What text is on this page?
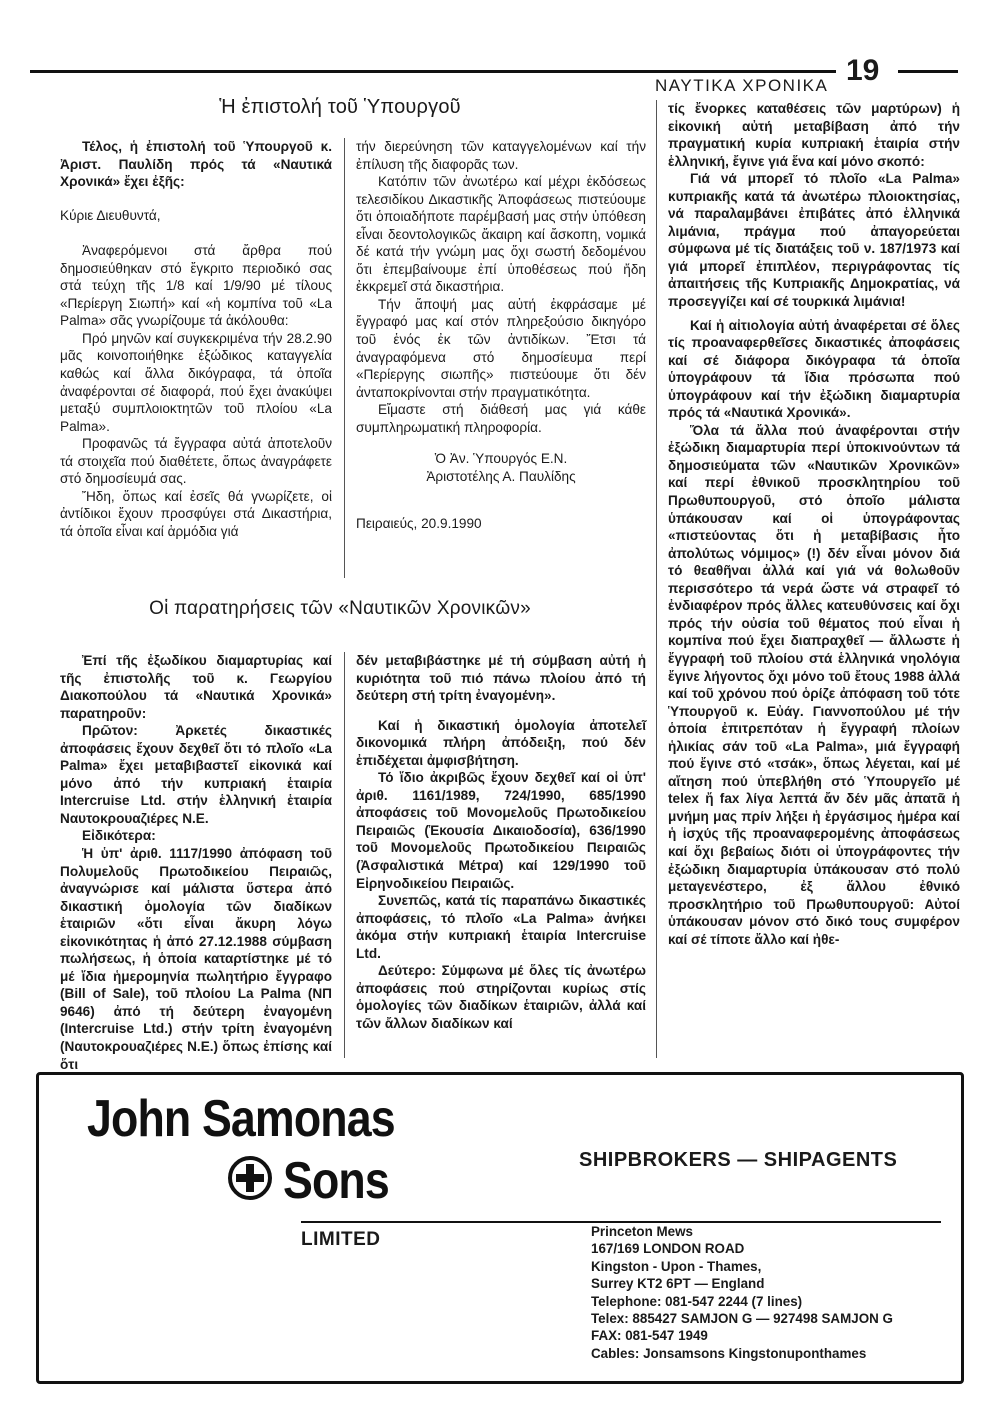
ΝΑΥΤΙΚΑ ΧΡΟΝΙΚΑ 19
Ἡ ἐπιστολή τοῦ Ὑπουργοῦ

Τέλος, ἡ ἐπιστολή τοῦ Ὑπουργοῦ κ. Ἀριστ. Παυλίδη πρός τά «Ναυτικά Χρονικά» ἔχει ἐξῆς:

Κύριε Διευθυντά,

Ἀναφερόμενοι στά ἄρθρα πού δημοσιεύθηκαν στό ἔγκριτο περιοδικό σας στά τεύχη τῆς 1/8 καί 1/9/90 μέ τίλους «Περίεργη Σιωπή» καί «ἡ κομπίνα τοῦ «La Palma» σᾶς γνωρίζουμε τά ἀκόλουθα:

Πρό μηνῶν καί συγκεκριμένα τήν 28.2.90 μᾶς κοινοποιήθηκε ἐξώδικος καταγγελία καθώς καί ἄλλα δικόγραφα, τά ὁποῖα ἀναφέρονται σέ διαφορά, πού ἔχει ἀνακύψει μεταξύ συμπλοιοκτητῶν τοῦ πλοίου «La Palma».

Προφανῶς τά ἔγγραφα αὐτά ἀποτελοῦν τά στοιχεῖα πού διαθέτετε, ὅπως ἀναγράφετε στό δημοσίευμά σας.

Ἤδη, ὅπως καί ἐσεῖς θά γνωρίζετε, οἱ ἀντίδικοι ἔχουν προσφύγει στά Δικαστήρια, τά ὁποῖα εἶναι καί ἁρμόδια γιά

τήν διερεύνηση τῶν καταγγελομένων καί τήν ἐπίλυση τῆς διαφορᾶς των.

Κατόπιν τῶν ἀνωτέρω καί μέχρι ἐκδόσεως τελεσιδίκου Δικαστικῆς Ἀποφάσεως πιστεύουμε ὅτι ὁποιαδήποτε παρέμβασή μας στήν ὑπόθεση εἶναι δεοντολογικῶς ἄκαιρη καί ἄσκοπη, νομικά δέ κατά τήν γνώμη μας ὄχι σωστή δεδομένου ὅτι ἐπεμβαίνουμε ἐπί ὑποθέσεως πού ἤδη ἐκκρεμεῖ στά δικαστήρια.

Τήν ἄποψή μας αὐτή ἐκφράσαμε μέ ἔγγραφό μας καί στόν πληρεξούσιο δικηγόρο τοῦ ἑνός ἐκ τῶν ἀντιδίκων. Ἔτσι τά ἀναγραφόμενα στό δημοσίευμα περί «Περίεργης σιωπῆς» πιστεύουμε ὅτι δέν ἀνταποκρίνονται στήν πραγματικότητα.

Εἴμαστε στή διάθεσή μας γιά κάθε συμπληρωματική πληροφορία.

Ὁ Ἀν. Ὑπουργός Ε.Ν.

Ἀριστοτέλης Α. Παυλίδης

Πειραιεύς, 20.9.1990

Οἱ παρατηρήσεις τῶν «Ναυτικῶν Χρονικῶν»

Ἐπί τῆς ἐξωδίκου διαμαρτυρίας καί τῆς ἐπιστολῆς τοῦ κ. Γεωργίου Διακοπούλου τά «Ναυτικά Χρονικά» παρατηροῦν:

Πρῶτον: Ἀρκετές δικαστικές ἀποφάσεις ἔχουν δεχθεῖ ὅτι τό πλοῖο «La Palma» ἔχει μεταβιβαστεῖ εἰκονικά καί μόνο ἀπό τήν κυπριακή ἑταιρία Intercruise Ltd. στήν ἑλληνική ἑταιρία Ναυτοκρουαζιέρες Ν.Ε.

Εἰδικότερα:

Ἡ ὑπ' ἀριθ. 1117/1990 ἀπόφαση τοῦ Πολυμελοῦς Πρωτοδικείου Πειραιῶς, ἀναγνώρισε καί μάλιστα ὕστερα ἀπό δικαστική ὁμολογία τῶν διαδίκων ἑταιριῶν «ὅτι εἶναι ἄκυρη λόγω εἰκονικότητας ἡ ἀπό 27.12.1988 σύμβαση πωλήσεως, ἡ ὁποία καταρτίστηκε μέ τό μέ ἴδια ἡμερομηνία πωλητήριο ἔγγραφο (Bill of Sale), τοῦ πλοίου La Palma (ΝΠ 9646) ἀπό τή δεύτερη ἐναγομένη (Intercruise Ltd.) στήν τρίτη ἐναγομένη (Ναυτοκρουαζιέρες Ν.Ε.) ὅπως ἐπίσης καί ὅτι

δέν μεταβιβάστηκε μέ τή σύμβαση αὐτή ἡ κυριότητα τοῦ πιό πάνω πλοίου ἀπό τή δεύτερη στή τρίτη ἐναγομένη».

Καί ἡ δικαστική ὁμολογία ἀποτελεῖ δικονομικά πλήρη ἀπόδειξη, πού δέν ἐπιδέχεται ἀμφισβήτηση.

Τό ἴδιο ἀκριβῶς ἔχουν δεχθεῖ καί οἱ ὑπ' ἀριθ. 1161/1989, 724/1990, 685/1990 ἀποφάσεις τοῦ Μονομελοῦς Πρωτοδικείου Πειραιῶς (Ἑκουσία Δικαιοδοσία), 636/1990 τοῦ Μονομελοῦς Πρωτοδικείου Πειραιῶς (Ἀσφαλιστικά Μέτρα) καί 129/1990 τοῦ Εἰρηνοδικείου Πειραιῶς.

Συνεπῶς, κατά τίς παραπάνω δικαστικές ἀποφάσεις, τό πλοῖο «La Palma» ἀνήκει ἀκόμα στήν κυπριακή ἑταιρία Intercruise Ltd.

Δεύτερο: Σύμφωνα μέ ὅλες τίς ἀνωτέρω ἀποφάσεις πού στηρίζονται κυρίως στίς ὁμολογίες τῶν διαδίκων ἑταιριῶν, ἀλλά καί τῶν ἄλλων διαδίκων καί

τίς ἔνορκες καταθέσεις τῶν μαρτύρων) ἡ εἰκονική αὐτή μεταβίβαση ἀπό τήν πραγματική κυρία κυπριακή ἑταιρία στήν ἑλληνική, ἔγινε γιά ἕνα καί μόνο σκοπό:

Γιά νά μπορεῖ τό πλοῖο «La Palma» κυπριακῆς κατά τά ἀνωτέρω πλοιοκτησίας, νά παραλαμβάνει ἐπιβάτες ἀπό ἑλληνικά λιμάνια, πράγμα πού ἀπαγορεύεται σύμφωνα μέ τίς διατάξεις τοῦ ν. 187/1973 καί γιά μπορεῖ ἐπιπλέον, περιγράφοντας τίς ἀπαιτήσεις τῆς Κυπριακῆς Δημοκρατίας, νά προσεγγίζει καί σέ τουρκικά λιμάνια!

Καί ἡ αἰτιολογία αὐτή ἀναφέρεται σέ ὅλες τίς προαναφερθεῖσες δικαστικές ἀποφάσεις καί σέ διάφορα δικόγραφα τά ὁποῖα ὑπογράφουν τά ἴδια πρόσωπα πού ὑπογράφουν καί τήν ἐξώδικη διαμαρτυρία πρός τά «Ναυτικά Χρονικά».

Ὅλα τά ἄλλα πού ἀναφέρονται στήν ἐξώδικη διαμαρτυρία περί ὑποκινούντων τά δημοσιεύματα τῶν «Ναυτικῶν Χρονικῶν» καί περί ἐθνικοῦ προσκλητηρίου τοῦ Πρωθυπουργοῦ, στό ὁποῖο μάλιστα ὑπάκουσαν καί οἱ ὑπογράφοντας «πιστεύοντας ὅτι ἡ μεταβίβασις ἦτο ἀπολύτως νόμιμος» (!) δέν εἶναι μόνον διά τό θεαθῆναι ἀλλά καί γιά νά θολωθοῦν περισσότερο τά νερά ὥστε νά στραφεῖ τό ἐνδιαφέρον πρός ἄλλες κατευθύνσεις καί ὄχι πρός τήν οὐσία τοῦ θέματος πού εἶναι ἡ κομπίνα πού ἔχει διαπραχθεῖ — ἄλλωστε ἡ ἔγγραφή τοῦ πλοίου στά ἑλληνικά νηολόγια ἔγινε λήγοντος ὄχι μόνο τοῦ ἔτους 1988 ἀλλά καί τοῦ χρόνου πού ὁρίζε ἀπόφαση τοῦ τότε Ὑπουργοῦ κ. Εὐάγ. Γιαννοπούλου μέ τήν ὁποία ἐπιτρεπόταν ἡ ἔγγραφή πλοίων ἡλικίας σάν τοῦ «La Palma», μιά ἔγγραφή πού ἔγινε στό «τσάκ», ὅπως λέγεται, καί μέ αἴτηση πού ὑπεβλήθη στό Ὑπουργεῖο μέ telex ἤ fax λίγα λεπτά ἄν δέν μᾶς ἀπατᾶ ἡ μνήμη μας πρίν λήξει ἡ ἐργάσιμος ἡμέρα καί ἡ ἰσχύς τῆς προαναφερομένης ἀποφάσεως καί ὄχι βεβαίως διότι οἱ ὑπογράφοντες τήν ἐξώδικη διαμαρτυρία ὑπάκουσαν στό πολύ μεταγενέστερο, ἐξ ἄλλου ἐθνικό προσκλητήριο τοῦ Πρωθυπουργοῦ: Αὐτοί ὑπάκουσαν μόνον στό δικό τους συμφέρον καί σέ τίποτε ἄλλο καί ἠθε-

John Samonas
Sons	SHIPBROKERS — SHIPAGENTS
LIMITED	Princeton Mews

167/169 LONDON ROAD

Kingston - Upon - Thames,

Surrey KT2 6PT — England

Telephone: 081-547 2244 (7 lines)

Telex: 885427 SAMJON G — 927498 SAMJON G

FAX: 081-547 1949

Cables: Jonsamsons Kingstonuponthames
